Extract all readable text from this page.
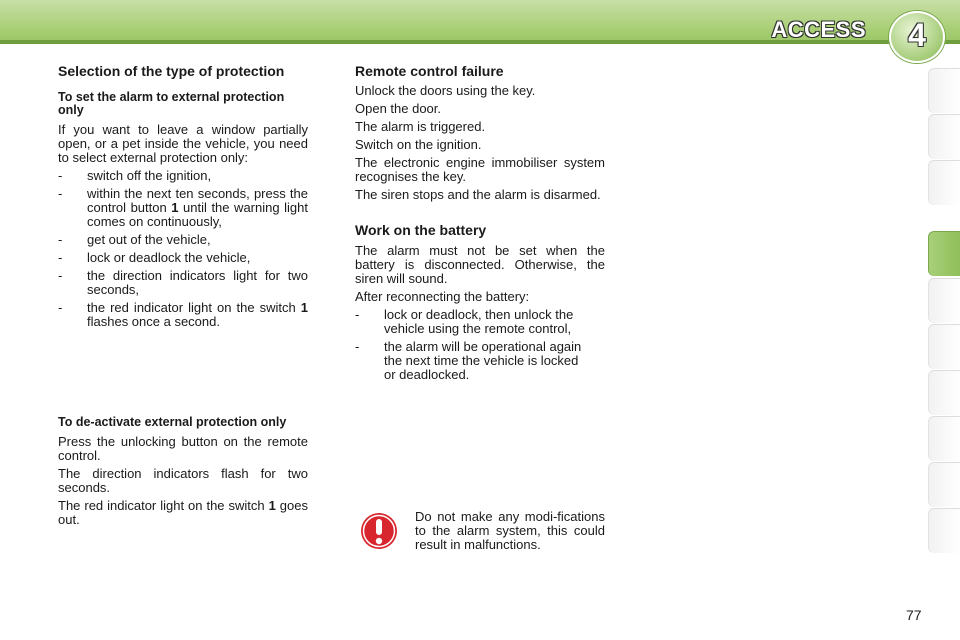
ACCESS	4
Selection of the type of protection
To set the alarm to external protection only

If you want to leave a window partially open, or a pet inside the vehicle, you need to select external protection only:

- switch off the ignition,
- within the next ten seconds, press the control button 1 until the warning light comes on continuously,
- get out of the vehicle,
- lock or deadlock the vehicle,
- the direction indicators light for two seconds,
- the red indicator light on the switch 1 flashes once a second.
To de-activate external protection only

Press the unlocking button on the remote control.

The direction indicators flash for two seconds.

The red indicator light on the switch 1 goes out.

Remote control failure

Unlock the doors using the key.

Open the door.

The alarm is triggered.

Switch on the ignition.

The electronic engine immobiliser system recognises the key.

The siren stops and the alarm is disarmed.

Work on the battery

The alarm must not be set when the battery is disconnected. Otherwise, the siren will sound.

After reconnecting the battery:

- lock or deadlock, then unlock the vehicle using the remote control,
- the alarm will be operational again the next time the vehicle is locked or deadlocked.
Do not make any modi-fications to the alarm system, this could result in malfunctions.
77
